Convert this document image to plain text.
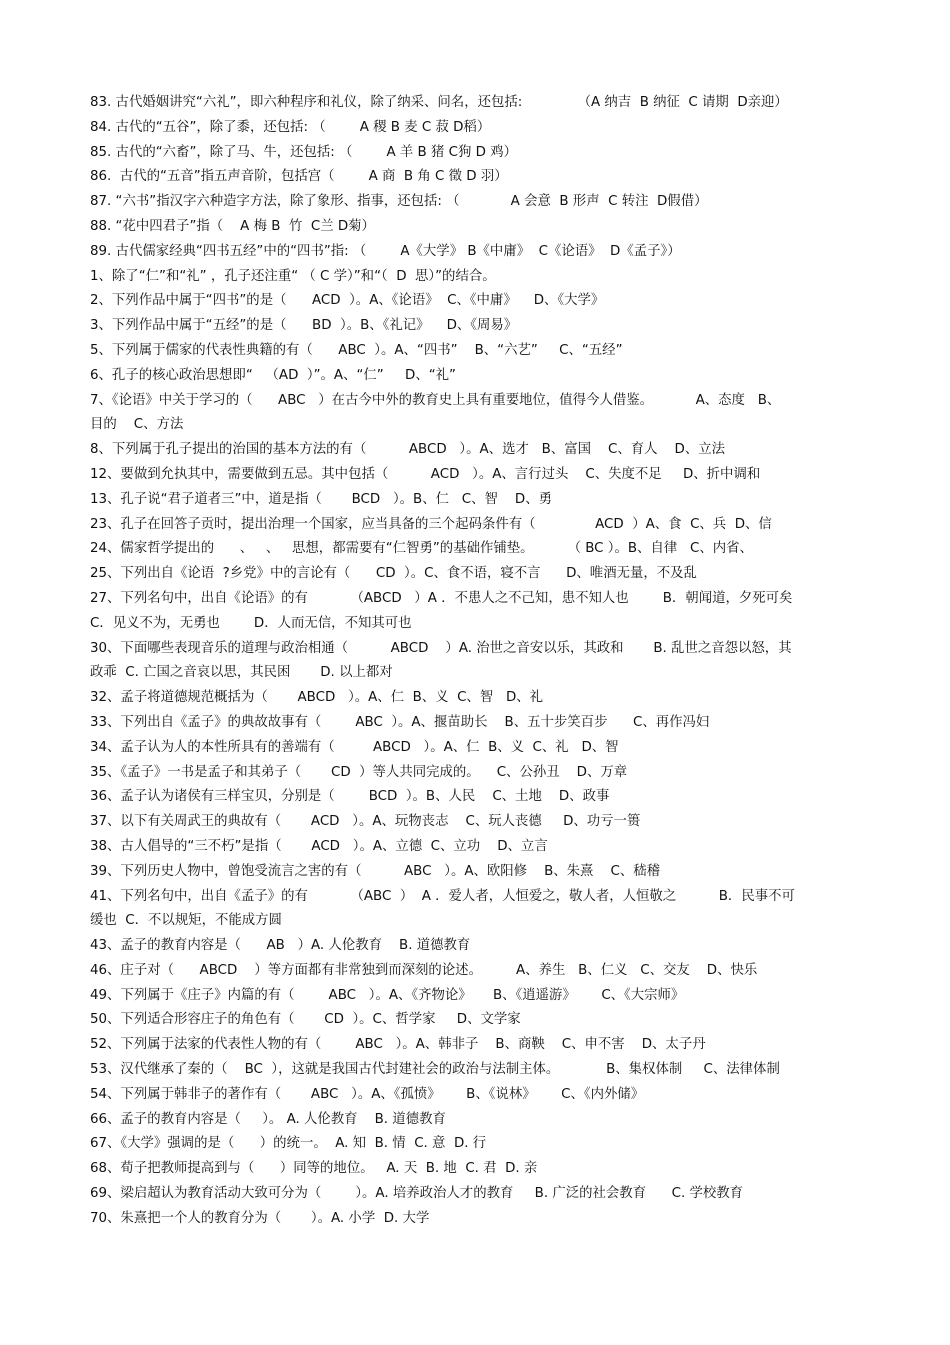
83. 古代婚姻讲究“六礼”，即六种程序和礼仪，除了纳采、问名，还包括:             （A 纳吉  B 纳征  C 请期  D亲迎）
84. 古代的“五谷”，除了黍，还包括: （        A 稷 B 麦 C 菽 D稻）
85. 古代的“六畜”，除了马、牛，还包括: （        A 羊 B 猪 C狗 D 鸡）
86.  古代的“五音”指五声音阶，包括宫（        A 商  B 角 C 徵 D 羽）
87. “六书”指汉字六种造字方法，除了象形、指事，还包括: （            A 会意  B 形声  C 转注  D假借）
88. “花中四君子”指（    A 梅 B  竹  C兰 D菊）
89. 古代儒家经典“四书五经”中的“四书”指: （        A《大学》 B《中庸》  C《论语》  D《孟子》）
1、除了“仁”和“礼” ，孔子还注重“ （ C 学）”和“（  D  思）”的结合。
2、下列作品中属于“四书”的是（      ACD  ）。A、《论语》  C、《中庸》    D、《大学》
3、下列作品中属于“五经”的是（      BD  ）。B、《礼记》    D、《周易》
5、下列属于儒家的代表性典籍的有（      ABC  ）。A、“四书”    B、“六艺”     C、“五经”
6、孔子的核心政治思想即“   （AD  ）”。A、“仁”     D、“礼”
7、《论语》中关于学习的（      ABC   ）在古今中外的教育史上具有重要地位，值得今人借鉴。          A、态度   B、
目的    C、方法
8、下列属于孔子提出的治国的基本方法的有（          ABCD   ）。A、选才   B、富国    C、育人    D、立法
12、要做到允执其中，需要做到五忌。其中包括（          ACD   ）。A、言行过头    C、失度不足     D、折中调和
13、孔子说“君子道者三”中，道是指（       BCD   ）。B、仁   C、智    D、勇
23、孔子在回答子贡时，提出治理一个国家，应当具备的三个起码条件有（              ACD  ）A、食  C、兵  D、信
24、儒家哲学提出的      、   、   思想，都需要有“仁智勇”的基础作铺垫。        （ BC ）。B、自律   C、内省、
25、下列出自《论语  ?乡党》中的言论有（      CD  ）。C、食不语，寝不言      D、唯酒无量，不及乱
27、下列名句中，出自《论语》的有          （ABCD   ）A ．不患人之不己知，患不知人也        B．朝闻道，夕死可矣
C．见义不为，无勇也        D．人而无信，不知其可也
30、下面哪些表现音乐的道理与政治相通（          ABCD    ）A. 治世之音安以乐，其政和       B. 乱世之音怨以怒，其
政乖  C. 亡国之音哀以思，其民困       D. 以上都对
32、孟子将道德规范概括为（       ABCD   ）。A、仁  B、义  C、智   D、礼
33、下列出自《孟子》的典故故事有（        ABC  ）。A、揠苗助长    B、五十步笑百步      C、再作冯妇
34、孟子认为人的本性所具有的善端有（         ABCD   ）。A、仁  B、义  C、礼   D、智
35、《孟子》一书是孟子和其弟子（       CD  ）等人共同完成的。    C、公孙丑    D、万章
36、孟子认为诸侯有三样宝贝，分别是（        BCD  ）。B、人民    C、土地    D、政事
37、以下有关周武王的典故有（       ACD   ）。A、玩物丧志    C、玩人丧德     D、功亏一篑
38、古人倡导的“三不朽”是指（       ACD   ）。A、立德  C、立功    D、立言
39、下列历史人物中，曾饱受流言之害的有（          ABC   ）。A、欧阳修    B、朱熹    C、嵇稽
41、下列名句中，出自《孟子》的有          （ABC  ）  A ．爱人者，人恒爱之，敬人者，人恒敬之          B．民事不可
缓也  C．不以规矩，不能成方圆
43、孟子的教育内容是（      AB   ）A. 人伦教育    B. 道德教育
46、庄子对（      ABCD    ）等方面都有非常独到而深刻的论述。        A、养生   B、仁义   C、交友    D、快乐
49、下列属于《庄子》内篇的有（        ABC   ）。A、《齐物论》     B、《逍遥游》      C、《大宗师》
50、下列适合形容庄子的角色有（       CD  ）。C、哲学家     D、文学家
52、下列属于法家的代表性人物的有（        ABC   ）。A、韩非子    B、商鞅    C、申不害    D、太子丹
53、汉代继承了秦的（    BC  ），这就是我国古代封建社会的政治与法制主体。           B、集权体制     C、法律体制
54、下列属于韩非子的著作有（       ABC   ）。A、《孤愤》      B、《说林》      C、《内外储》
66、孟子的教育内容是（     ）。 A. 人伦教育    B. 道德教育
67、《大学》强调的是（      ）的统一。  A. 知  B. 情  C. 意  D. 行
68、荀子把教师提高到与（      ）同等的地位。   A. 天  B. 地  C. 君  D. 亲
69、梁启超认为教育活动大致可分为（        ）。A. 培养政治人才的教育     B. 广泛的社会教育      C. 学校教育
70、朱熹把一个人的教育分为（       ）。A. 小学  D. 大学
